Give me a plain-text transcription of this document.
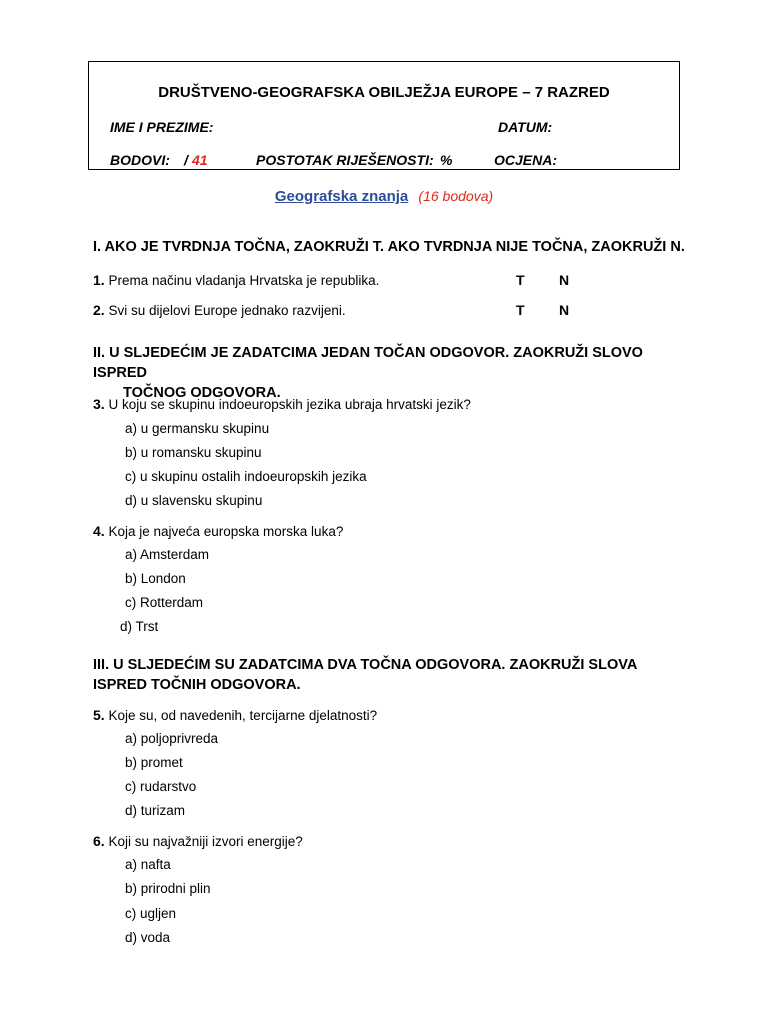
DRUŠTVENO-GEOGRAFSKA OBILJEŽJA EUROPE – 7 RAZRED
IME I PREZIME:	DATUM:
BODOVI: / 41	POSTOTAK RIJEŠENOSTI: %	OCJENA:
Geografska znanja (16 bodova)
I. AKO JE TVRDNJA TOČNA, ZAOKRUŽI T. AKO TVRDNJA NIJE TOČNA, ZAOKRUŽI N.
1. Prema načinu vladanja Hrvatska je republika.	T N
2. Svi su dijelovi Europe jednako razvijeni.	T N
II. U SLJEDEĆIM JE ZADATCIMA JEDAN TOČAN ODGOVOR. ZAOKRUŽI SLOVO ISPRED
TOČNOG ODGOVORA.
3. U koju se skupinu indoeuropskih jezika ubraja hrvatski jezik?
a) u germansku skupinu
b) u romansku skupinu
c) u skupinu ostalih indoeuropskih jezika
d) u slavensku skupinu
4. Koja je najveća europska morska luka?
a) Amsterdam
b) London
c) Rotterdam
d) Trst
III. U SLJEDEĆIM SU ZADATCIMA DVA TOČNA ODGOVORA. ZAOKRUŽI SLOVA
ISPRED TOČNIH ODGOVORA.
5. Koje su, od navedenih, tercijarne djelatnosti?
a) poljoprivreda
b) promet
c) rudarstvo
d) turizam
6. Koji su najvažniji izvori energije?
a) nafta
b) prirodni plin
c) ugljen
d) voda
